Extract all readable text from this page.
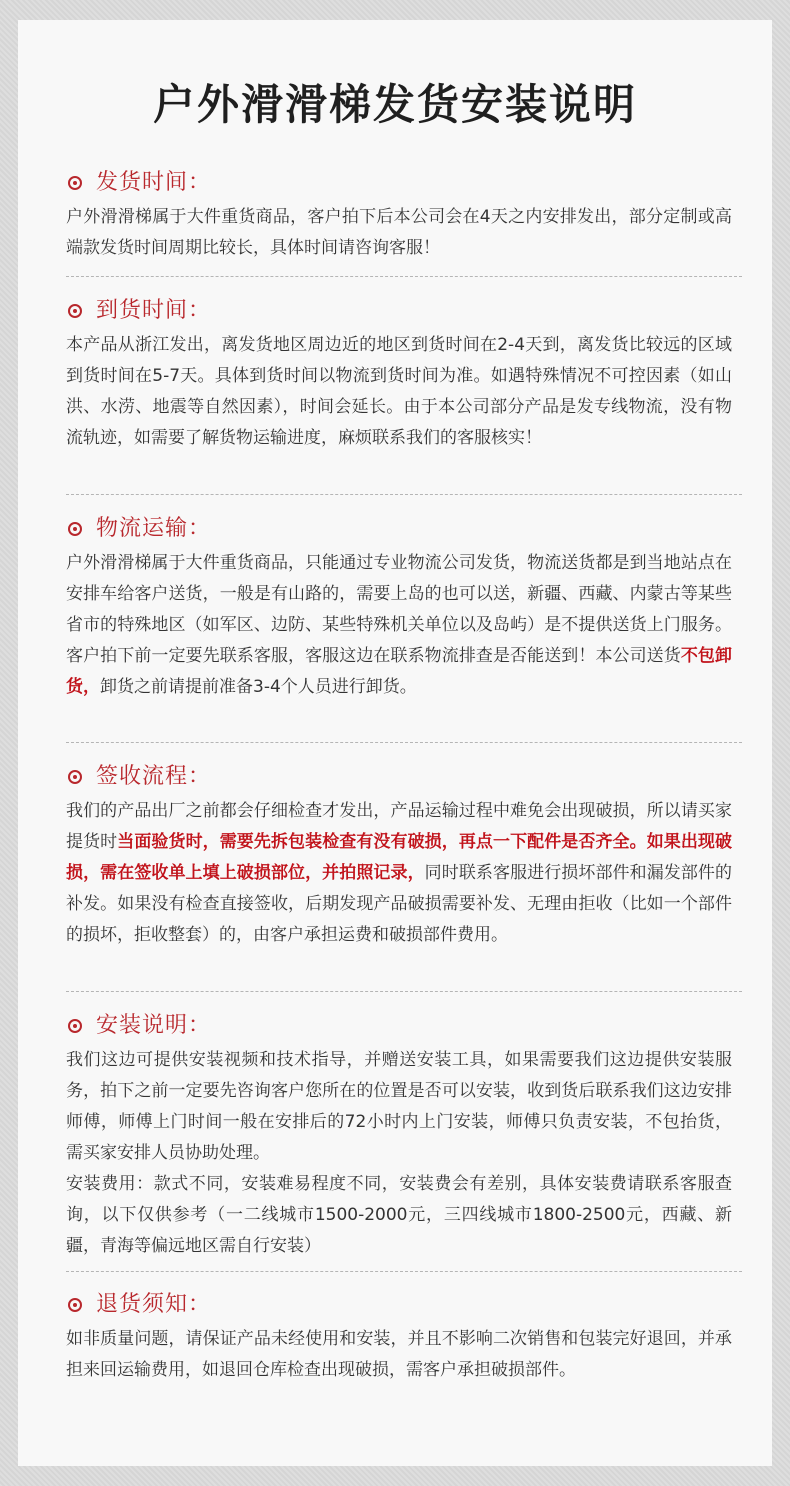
户外滑滑梯发货安装说明
发货时间：

户外滑滑梯属于大件重货商品，客户拍下后本公司会在4天之内安排发出，部分定制或高端款发货时间周期比较长，具体时间请咨询客服！

到货时间：

本产品从浙江发出，离发货地区周边近的地区到货时间在2-4天到，离发货比较远的区域到货时间在5-7天。具体到货时间以物流到货时间为准。如遇特殊情况不可控因素（如山洪、水涝、地震等自然因素），时间会延长。由于本公司部分产品是发专线物流，没有物流轨迹，如需要了解货物运输进度，麻烦联系我们的客服核实！

物流运输：

户外滑滑梯属于大件重货商品，只能通过专业物流公司发货，物流送货都是到当地站点在安排车给客户送货，一般是有山路的，需要上岛的也可以送，新疆、西藏、内蒙古等某些省市的特殊地区（如军区、边防、某些特殊机关单位以及岛屿）是不提供送货上门服务。客户拍下前一定要先联系客服，客服这边在联系物流排查是否能送到！本公司送货不包卸货，卸货之前请提前准备3-4个人员进行卸货。

签收流程：

我们的产品出厂之前都会仔细检查才发出，产品运输过程中难免会出现破损，所以请买家提货时当面验货时，需要先拆包装检查有没有破损，再点一下配件是否齐全。如果出现破损，需在签收单上填上破损部位，并拍照记录，同时联系客服进行损坏部件和漏发部件的补发。如果没有检查直接签收，后期发现产品破损需要补发、无理由拒收（比如一个部件的损坏，拒收整套）的，由客户承担运费和破损部件费用。

安装说明：

我们这边可提供安装视频和技术指导，并赠送安装工具，如果需要我们这边提供安装服务，拍下之前一定要先咨询客户您所在的位置是否可以安装，收到货后联系我们这边安排师傅，师傅上门时间一般在安排后的72小时内上门安装，师傅只负责安装，不包抬货，需买家安排人员协助处理。

安装费用：款式不同，安装难易程度不同，安装费会有差别，具体安装费请联系客服查询，以下仅供参考（一二线城市1500-2000元，三四线城市1800-2500元，西藏、新疆，青海等偏远地区需自行安装）

退货须知：

如非质量问题，请保证产品未经使用和安装，并且不影响二次销售和包装完好退回，并承担来回运输费用，如退回仓库检查出现破损，需客户承担破损部件。
